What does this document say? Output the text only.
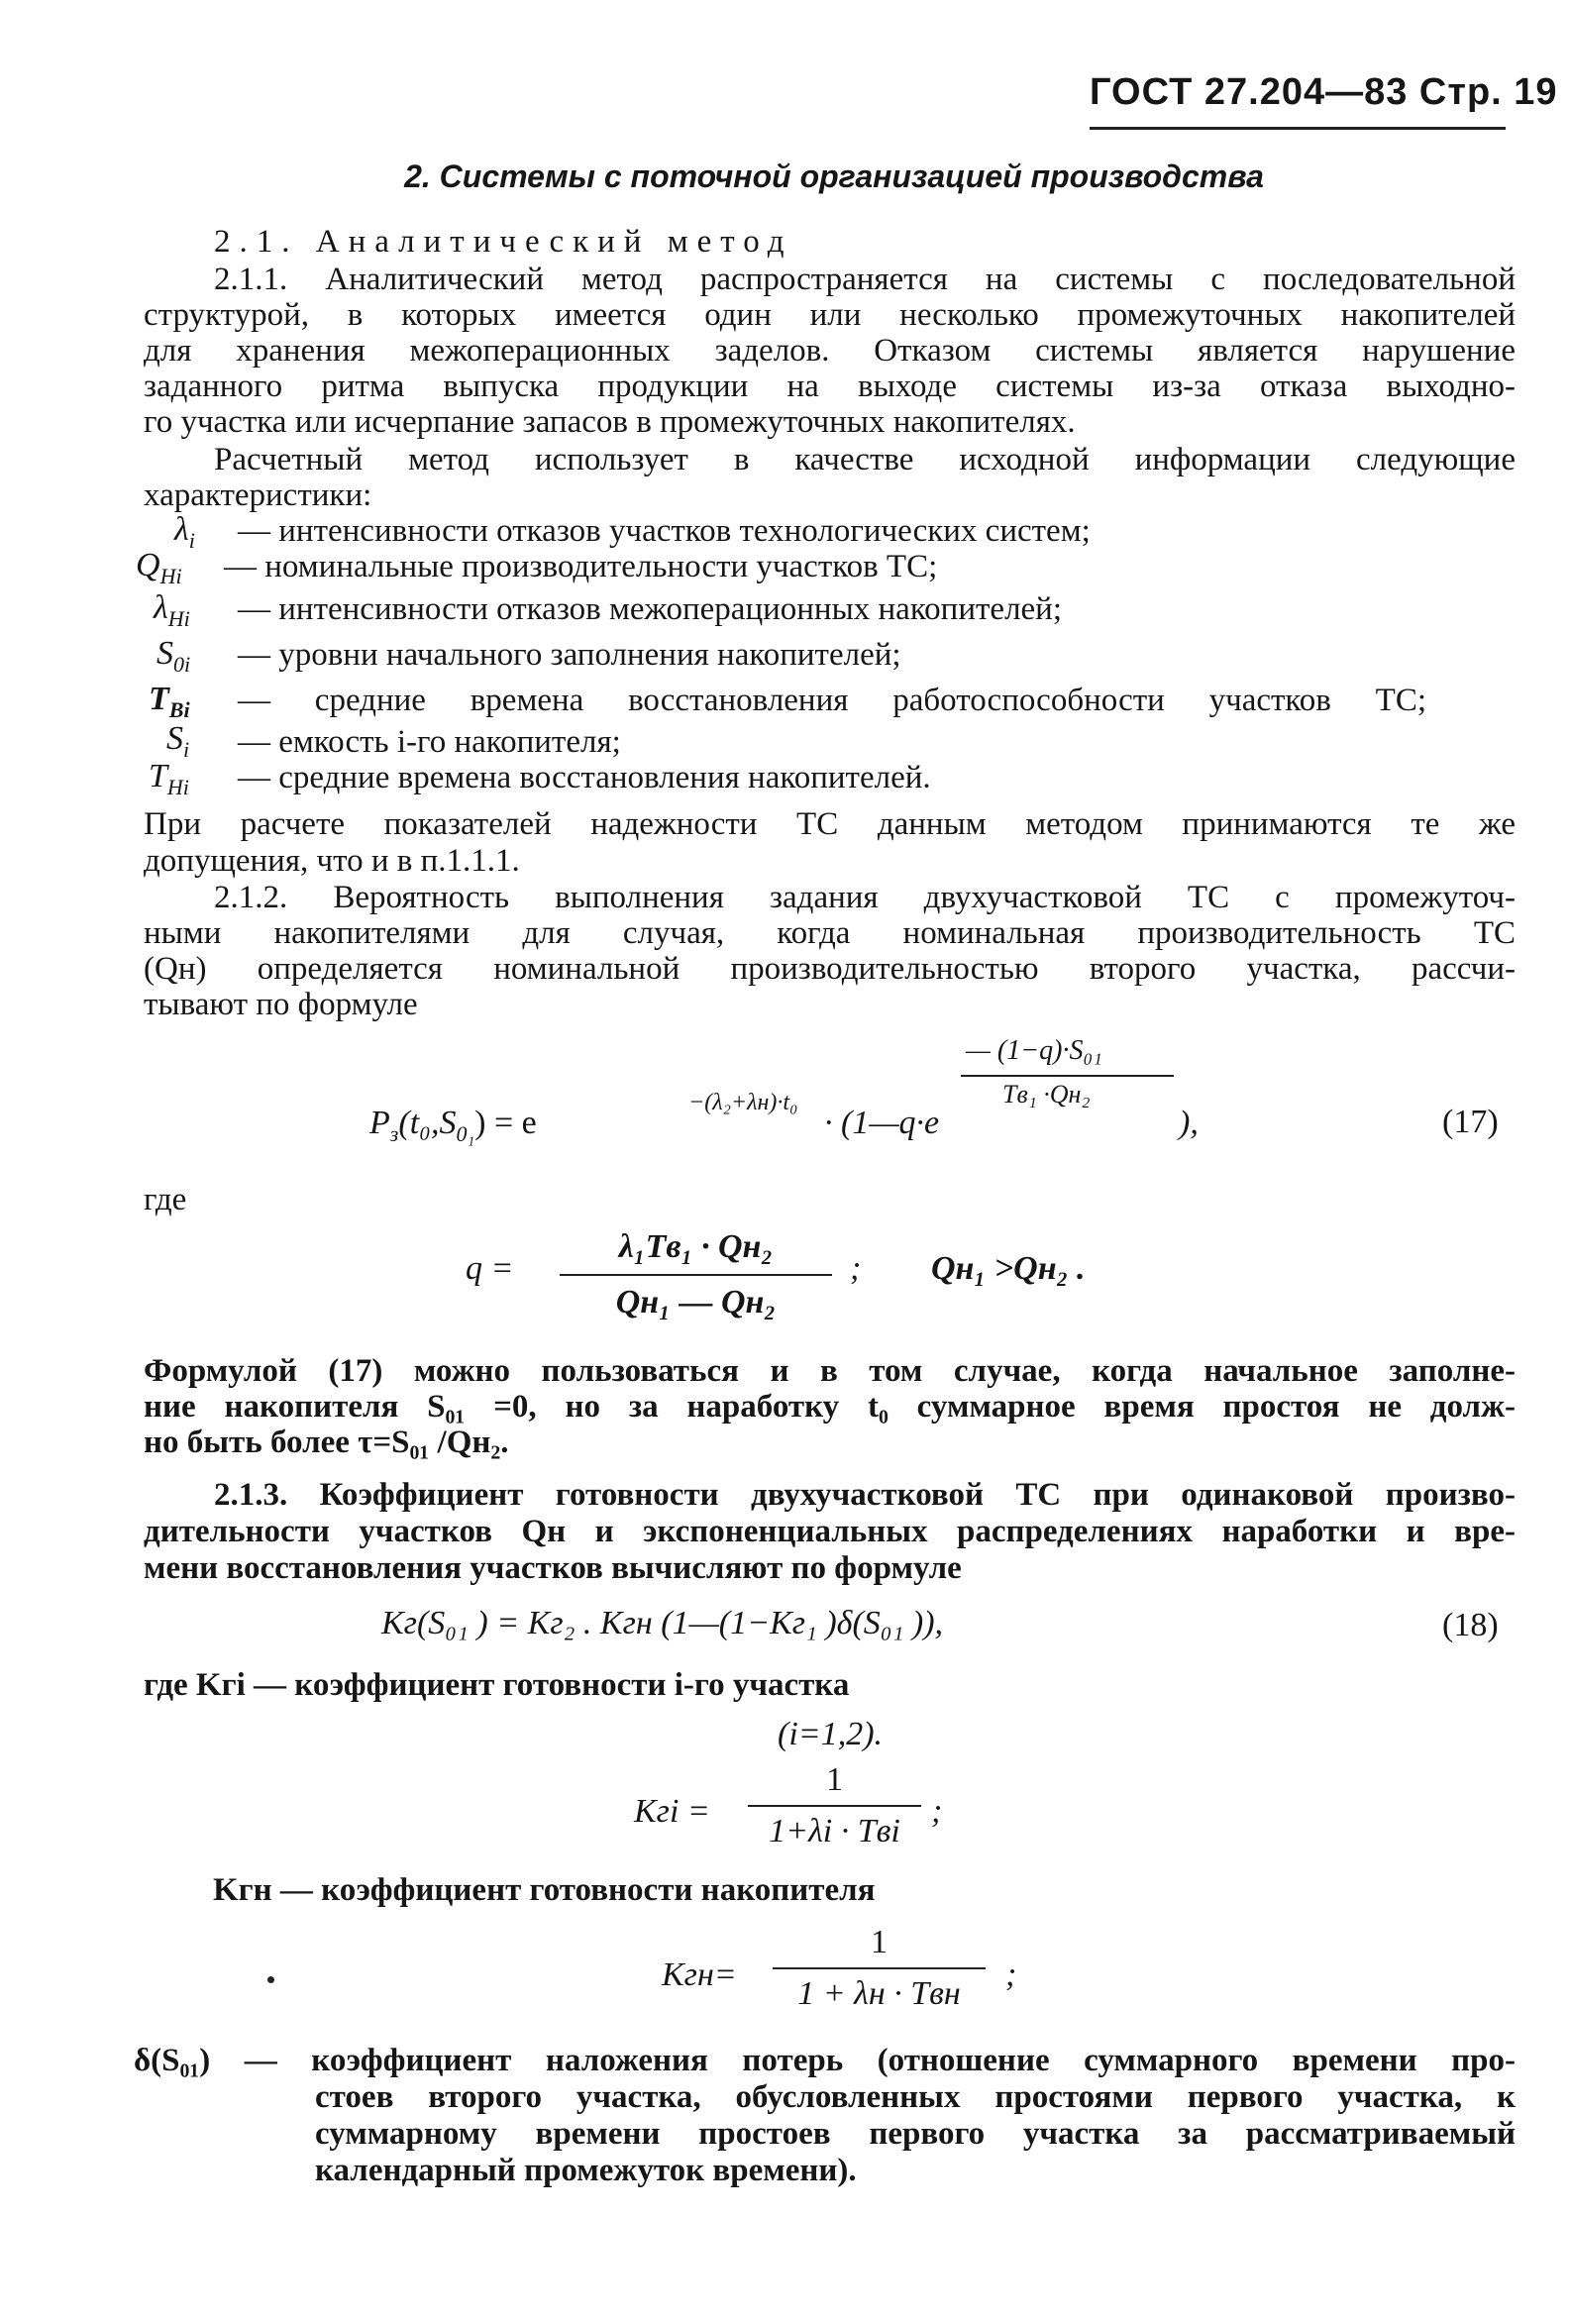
ГОСТ 27.204—83 Стр. 19
2. Системы с поточной организацией производства
2.1. Аналитический метод
2.1.1. Аналитический метод распространяется на системы с последовательной
структурой, в которых имеется один или несколько промежуточных накопителей
для хранения межоперационных заделов. Отказом системы является нарушение
заданного ритма выпуска продукции на выходе системы из-за отказа выходно-
го участка или исчерпание запасов в промежуточных накопителях.
Расчетный метод использует в качестве исходной информации следующие
характеристики:
$\lambda_i$ — интенсивности отказов участков технологических систем;
$Q_{Hi}$ — номинальные производительности участков ТС;
$\lambda_{Hi}$ — интенсивности отказов межоперационных накопителей;
$S_{0i}$ — уровни начального заполнения накопителей;
$T_{Bi}$ — средние времена восстановления работоспособности участков ТС;
$S_i$ — емкость i-го накопителя;
$T_{Hi}$ — средние времена восстановления накопителей.
При расчете показателей надежности ТС данным методом принимаются те же
допущения, что и в п.1.1.1.
2.1.2. Вероятность выполнения задания двухучастковой ТС с промежуточ-
ными накопителями для случая, когда номинальная производительность ТС
(Qн) определяется номинальной производительностью второго участка, рассчи-
тывают по формуле
— (1−q)·S₀₁
Tв₁ ·Qн₂
$P_з(t_0,S_{0_1}) = e$
−(λ₂+λн)·t₀
· (1—q·e	),	(17)
где
q =
λ₁Tв₁ · Qн₂
Qн₁ — Qн₂
; Qн₁ >Qн₂ .
Формулой (17) можно пользоваться и в том случае, когда начальное заполне-
ние накопителя S₀₁ =0, но за наработку t₀ суммарное время простоя не долж-
но быть более τ=S₀₁ /Qн₂.
2.1.3. Коэффициент готовности двухучастковой ТС при одинаковой произво-
дительности участков Qн и экспоненциальных распределениях наработки и вре-
мени восстановления участков вычисляют по формуле
Kг(S₀₁ ) = Kг₂ . Kгн (1—(1−Kг₁ )δ(S₀₁ )),	(18)
где Kгi — коэффициент готовности i-го участка
(i=1,2).
Kгi =
1
1+λi · Tвi
;
Kгн — коэффициент готовности накопителя
Kгн=
1
1 + λн · Tвн
;
δ(S₀₁) — коэффициент наложения потерь (отношение суммарного времени про-
стоев второго участка, обусловленных простоями первого участка, к
суммарному времени простоев первого участка за рассматриваемый
календарный промежуток времени).
